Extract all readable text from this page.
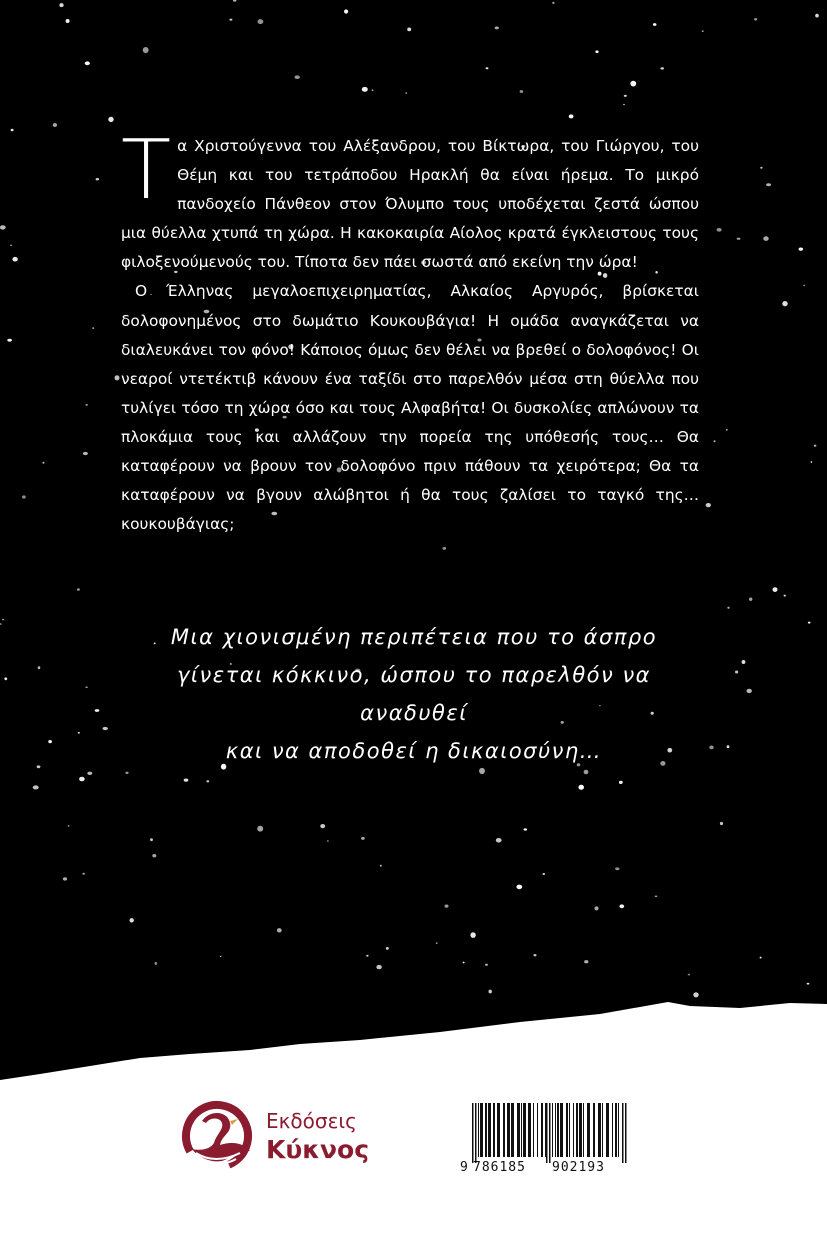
Τα Χριστούγεννα του Αλέξανδρου, του Βίκτωρα, του Γιώργου, του Θέμη και του τετράποδου Ηρακλή θα είναι ήρεμα. Το μικρό πανδοχείο Πάνθεον στον Όλυμπο τους υποδέχεται ζεστά ώσπου μια θύελλα χτυπά τη χώρα. Η κακοκαιρία Αίολος κρατά έγκλειστους τους φιλοξενούμενούς του. Τίποτα δεν πάει σωστά από εκείνη την ώρα!

Ο Έλληνας μεγαλοεπιχειρηματίας, Αλκαίος Αργυρός, βρίσκεται δολοφονημένος στο δωμάτιο Κουκουβάγια! Η ομάδα αναγκάζεται να διαλευκάνει τον φόνο! Κάποιος όμως δεν θέλει να βρεθεί ο δολοφόνος! Οι νεαροί ντετέκτιβ κάνουν ένα ταξίδι στο παρελθόν μέσα στη θύελλα που τυλίγει τόσο τη χώρα όσο και τους Αλφαβήτα! Οι δυσκολίες απλώνουν τα πλοκάμια τους και αλλάζουν την πορεία της υπόθεσής τους… Θα καταφέρουν να βρουν τον δολοφόνο πριν πάθουν τα χειρότερα; Θα τα καταφέρουν να βγουν αλώβητοι ή θα τους ζαλίσει το ταγκό της… κουκουβάγιας;

Μια χιονισμένη περιπέτεια που το άσπρο
γίνεται κόκκινο, ώσπου το παρελθόν να αναδυθεί
και να αποδοθεί η δικαιοσύνη…
Εκδόσεις
Κύκνος
9 786185 902193
